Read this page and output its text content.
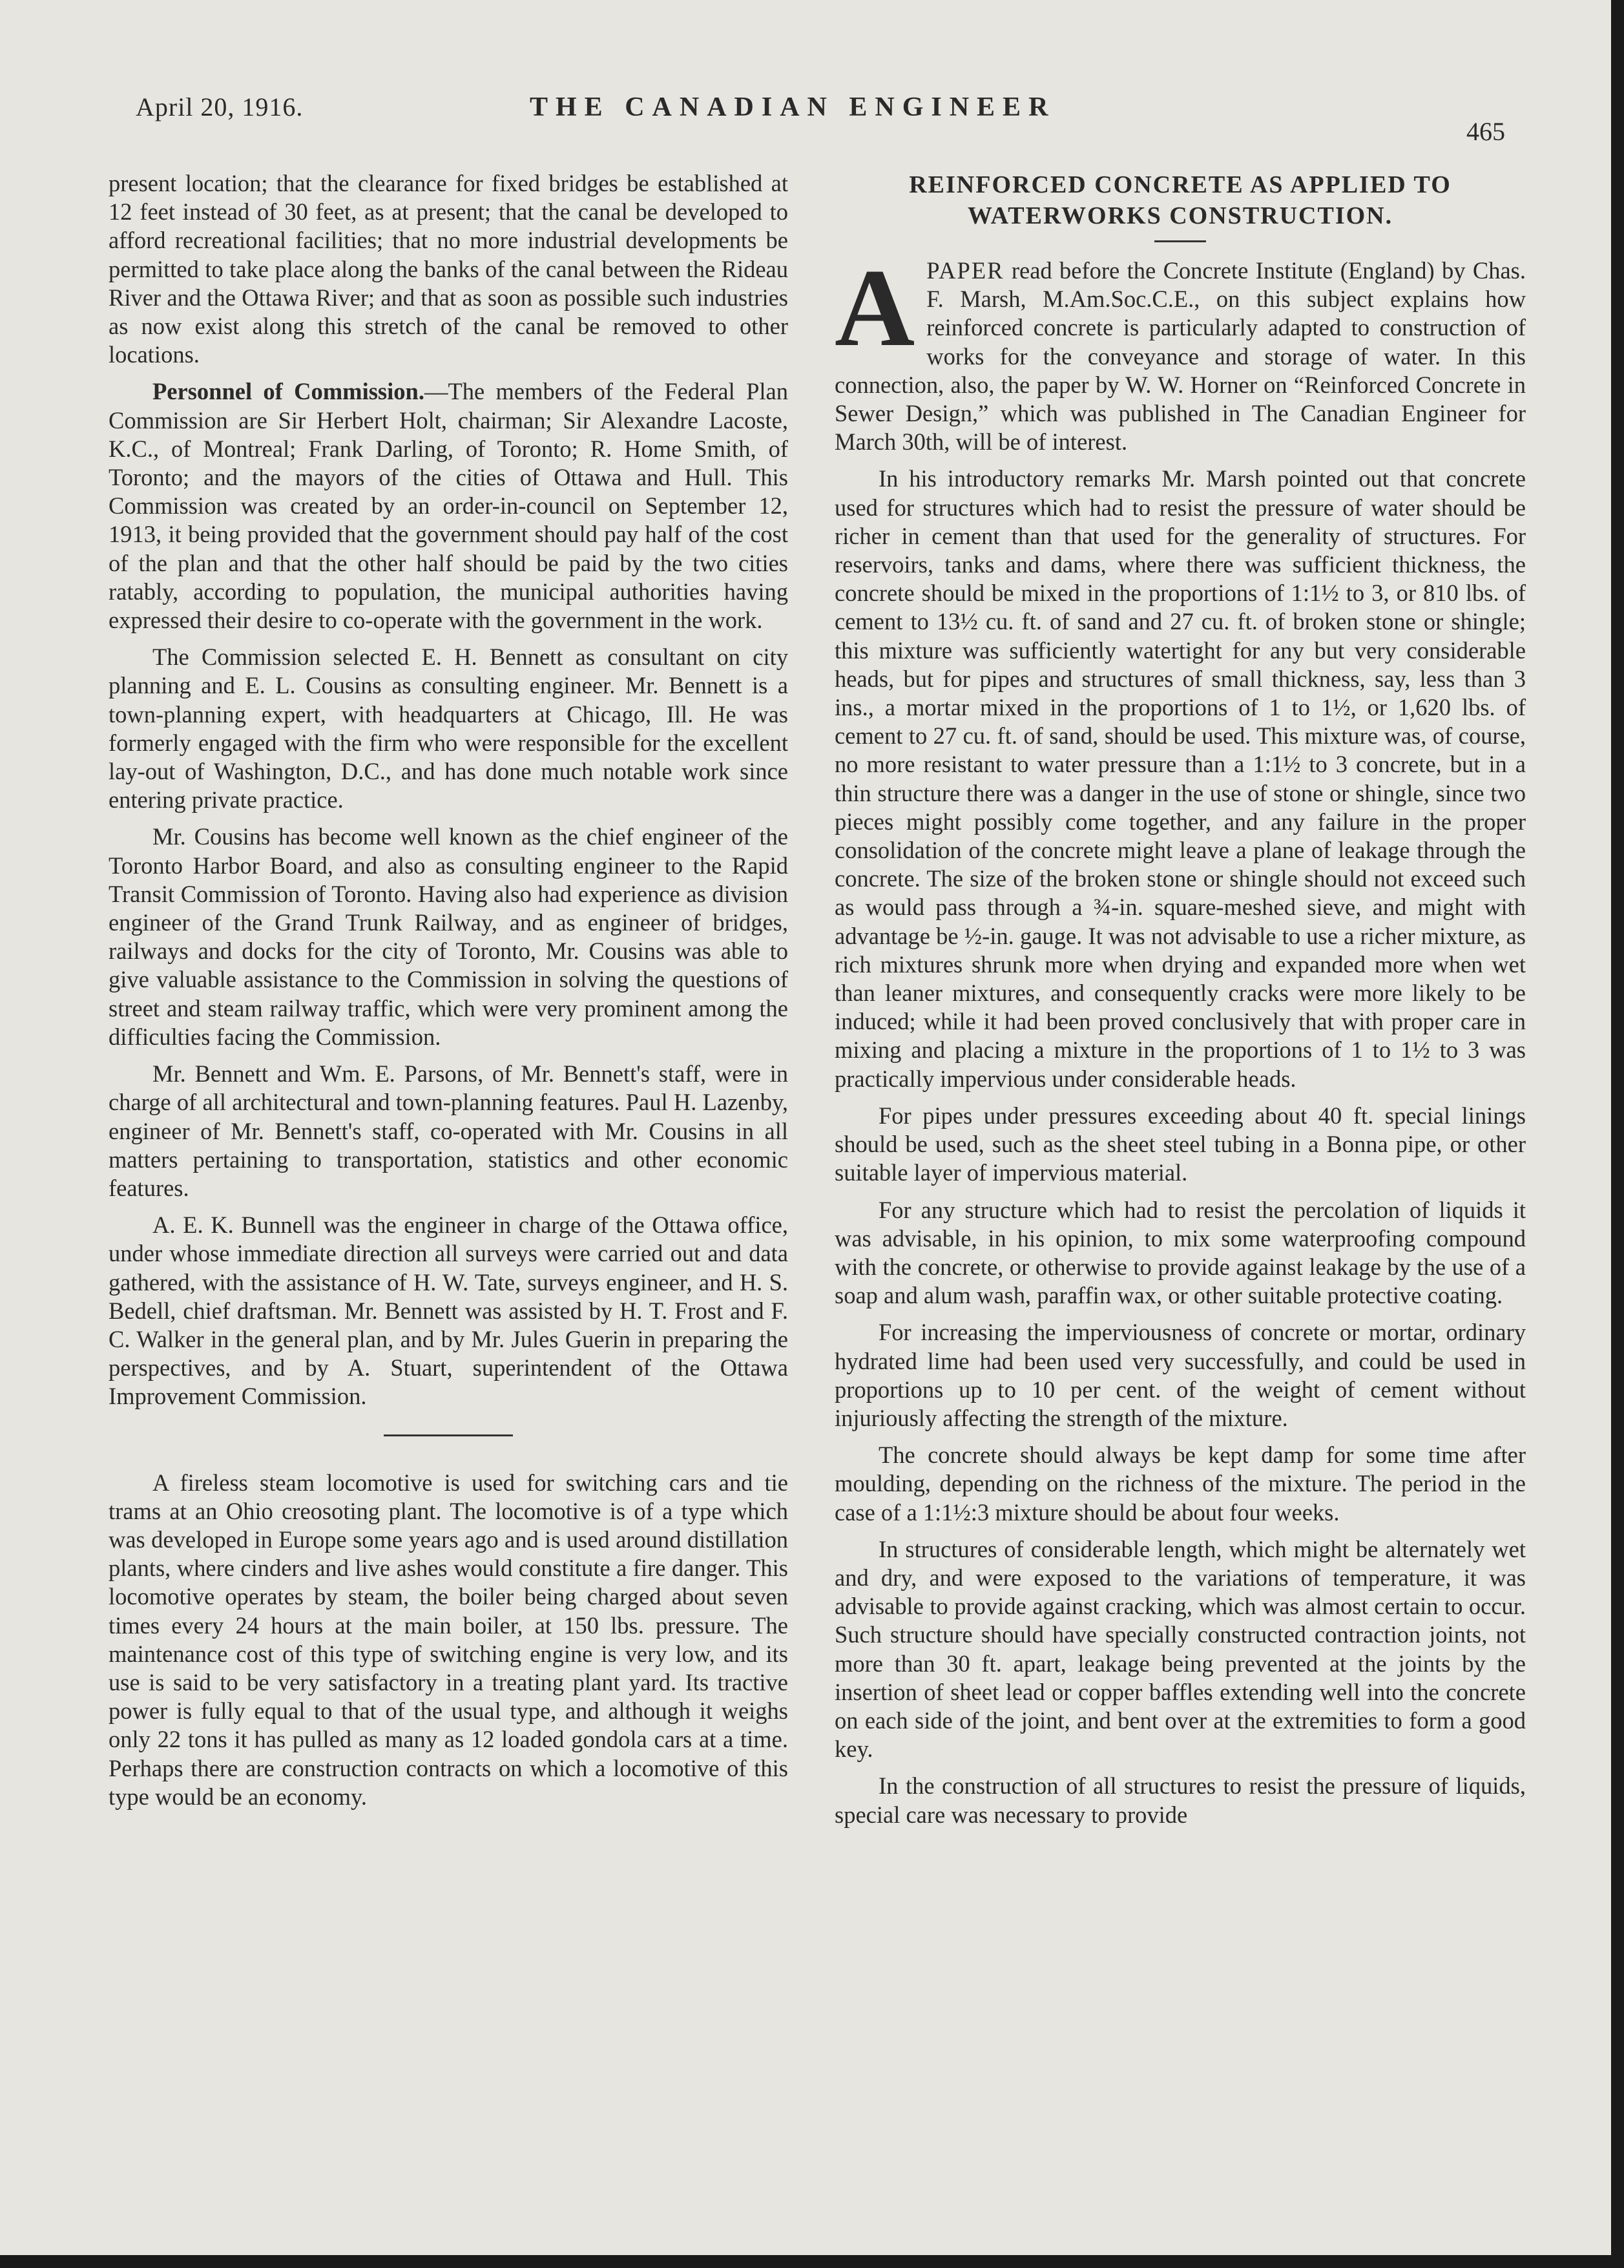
April 20, 1916.	THE CANADIAN ENGINEER
465

present location; that the clearance for fixed bridges be established at 12 feet instead of 30 feet, as at present; that the canal be developed to afford recreational facilities; that no more industrial developments be permitted to take place along the banks of the canal between the Rideau River and the Ottawa River; and that as soon as possible such industries as now exist along this stretch of the canal be removed to other locations.

Personnel of Commission.—The members of the Federal Plan Commission are Sir Herbert Holt, chairman; Sir Alexandre Lacoste, K.C., of Montreal; Frank Darling, of Toronto; R. Home Smith, of Toronto; and the mayors of the cities of Ottawa and Hull. This Commission was created by an order-in-council on September 12, 1913, it being provided that the government should pay half of the cost of the plan and that the other half should be paid by the two cities ratably, according to population, the municipal authorities having expressed their desire to co-operate with the government in the work.

The Commission selected E. H. Bennett as consultant on city planning and E. L. Cousins as consulting engineer. Mr. Bennett is a town-planning expert, with headquarters at Chicago, Ill. He was formerly engaged with the firm who were responsible for the excellent lay-out of Washington, D.C., and has done much notable work since entering private practice.

Mr. Cousins has become well known as the chief engineer of the Toronto Harbor Board, and also as consulting engineer to the Rapid Transit Commission of Toronto. Having also had experience as division engineer of the Grand Trunk Railway, and as engineer of bridges, railways and docks for the city of Toronto, Mr. Cousins was able to give valuable assistance to the Commission in solving the questions of street and steam railway traffic, which were very prominent among the difficulties facing the Commission.

Mr. Bennett and Wm. E. Parsons, of Mr. Bennett's staff, were in charge of all architectural and town-planning features. Paul H. Lazenby, engineer of Mr. Bennett's staff, co-operated with Mr. Cousins in all matters pertaining to transportation, statistics and other economic features.

A. E. K. Bunnell was the engineer in charge of the Ottawa office, under whose immediate direction all surveys were carried out and data gathered, with the assistance of H. W. Tate, surveys engineer, and H. S. Bedell, chief draftsman. Mr. Bennett was assisted by H. T. Frost and F. C. Walker in the general plan, and by Mr. Jules Guerin in preparing the perspectives, and by A. Stuart, superintendent of the Ottawa Improvement Commission.

A fireless steam locomotive is used for switching cars and tie trams at an Ohio creosoting plant. The locomotive is of a type which was developed in Europe some years ago and is used around distillation plants, where cinders and live ashes would constitute a fire danger. This locomotive operates by steam, the boiler being charged about seven times every 24 hours at the main boiler, at 150 lbs. pressure. The maintenance cost of this type of switching engine is very low, and its use is said to be very satisfactory in a treating plant yard. Its tractive power is fully equal to that of the usual type, and although it weighs only 22 tons it has pulled as many as 12 loaded gondola cars at a time. Perhaps there are construction contracts on which a locomotive of this type would be an economy.

REINFORCED CONCRETE AS APPLIED TO
WATERWORKS CONSTRUCTION.

APAPER read before the Concrete Institute (England) by Chas. F. Marsh, M.Am.Soc.C.E., on this subject explains how reinforced concrete is particularly adapted to construction of works for the conveyance and storage of water. In this connection, also, the paper by W. W. Horner on “Reinforced Concrete in Sewer Design,” which was published in The Canadian Engineer for March 30th, will be of interest.

In his introductory remarks Mr. Marsh pointed out that concrete used for structures which had to resist the pressure of water should be richer in cement than that used for the generality of structures. For reservoirs, tanks and dams, where there was sufficient thickness, the concrete should be mixed in the proportions of 1:1½ to 3, or 810 lbs. of cement to 13½ cu. ft. of sand and 27 cu. ft. of broken stone or shingle; this mixture was sufficiently watertight for any but very considerable heads, but for pipes and structures of small thickness, say, less than 3 ins., a mortar mixed in the proportions of 1 to 1½, or 1,620 lbs. of cement to 27 cu. ft. of sand, should be used. This mixture was, of course, no more resistant to water pressure than a 1:1½ to 3 concrete, but in a thin structure there was a danger in the use of stone or shingle, since two pieces might possibly come together, and any failure in the proper consolidation of the concrete might leave a plane of leakage through the concrete. The size of the broken stone or shingle should not exceed such as would pass through a ¾-in. square-meshed sieve, and might with advantage be ½-in. gauge. It was not advisable to use a richer mixture, as rich mixtures shrunk more when drying and expanded more when wet than leaner mixtures, and consequently cracks were more likely to be induced; while it had been proved conclusively that with proper care in mixing and placing a mixture in the proportions of 1 to 1½ to 3 was practically impervious under considerable heads.

For pipes under pressures exceeding about 40 ft. special linings should be used, such as the sheet steel tubing in a Bonna pipe, or other suitable layer of impervious material.

For any structure which had to resist the percolation of liquids it was advisable, in his opinion, to mix some waterproofing compound with the concrete, or otherwise to provide against leakage by the use of a soap and alum wash, paraffin wax, or other suitable protective coating.

For increasing the imperviousness of concrete or mortar, ordinary hydrated lime had been used very successfully, and could be used in proportions up to 10 per cent. of the weight of cement without injuriously affecting the strength of the mixture.

The concrete should always be kept damp for some time after moulding, depending on the richness of the mixture. The period in the case of a 1:1½:3 mixture should be about four weeks.

In structures of considerable length, which might be alternately wet and dry, and were exposed to the variations of temperature, it was advisable to provide against cracking, which was almost certain to occur. Such structure should have specially constructed contraction joints, not more than 30 ft. apart, leakage being prevented at the joints by the insertion of sheet lead or copper baffles extending well into the concrete on each side of the joint, and bent over at the extremities to form a good key.

In the construction of all structures to resist the pressure of liquids, special care was necessary to provide
